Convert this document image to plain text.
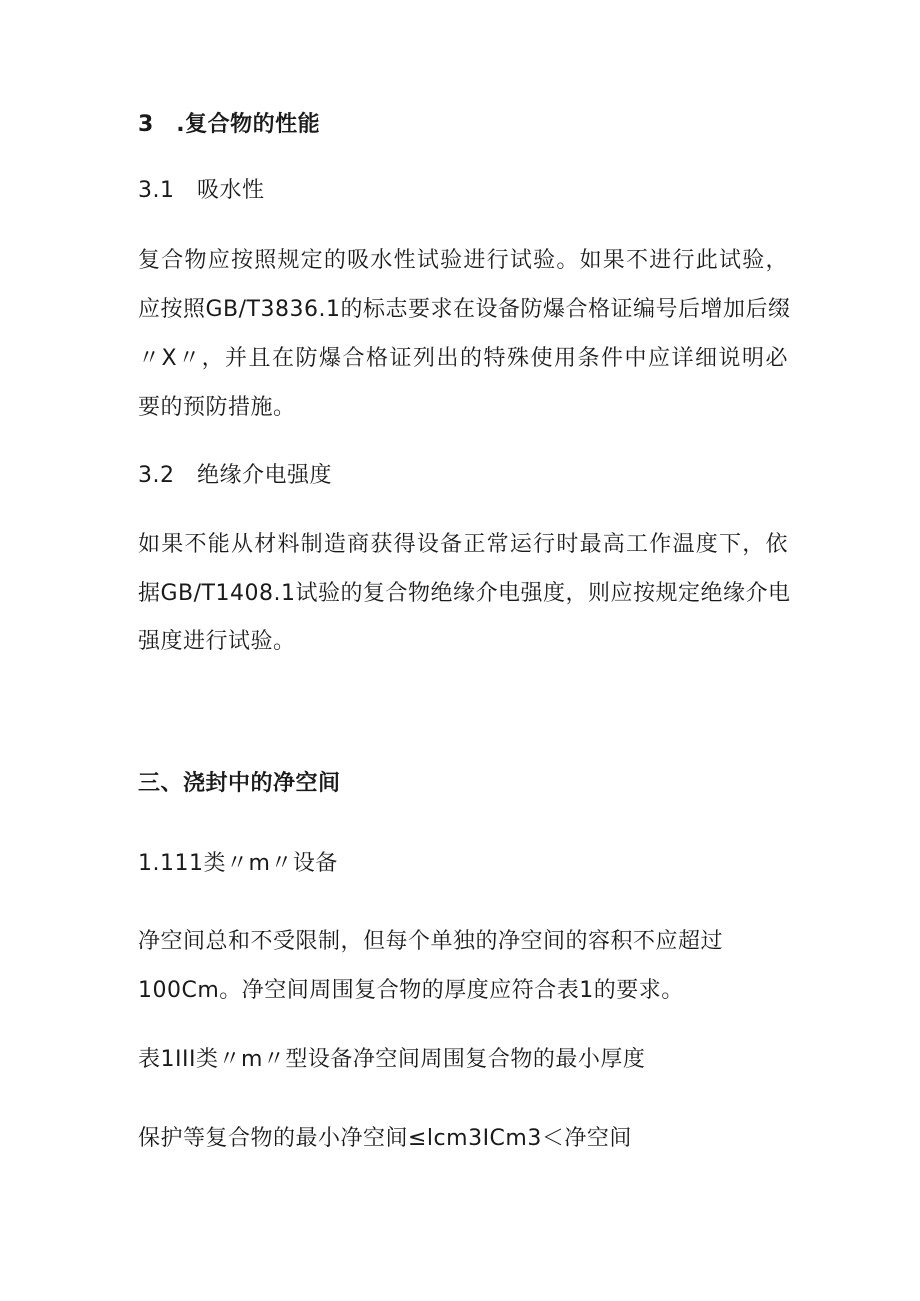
3　.复合物的性能

3.1　吸水性

复合物应按照规定的吸水性试验进行试验。如果不进行此试验，

应按照GB/T3836.1的标志要求在设备防爆合格证编号后增加后缀

〃X〃，并且在防爆合格证列出的特殊使用条件中应详细说明必

要的预防措施。

3.2　绝缘介电强度

如果不能从材料制造商获得设备正常运行时最高工作温度下，依

据GB/T1408.1试验的复合物绝缘介电强度，则应按规定绝缘介电

强度进行试验。

三、浇封中的净空间

1.111类〃m〃设备

净空间总和不受限制，但每个单独的净空间的容积不应超过

100Cm。净空间周围复合物的厚度应符合表1的要求。

表1III类〃m〃型设备净空间周围复合物的最小厚度

保护等复合物的最小净空间≤lcm3ICm3＜净空间
